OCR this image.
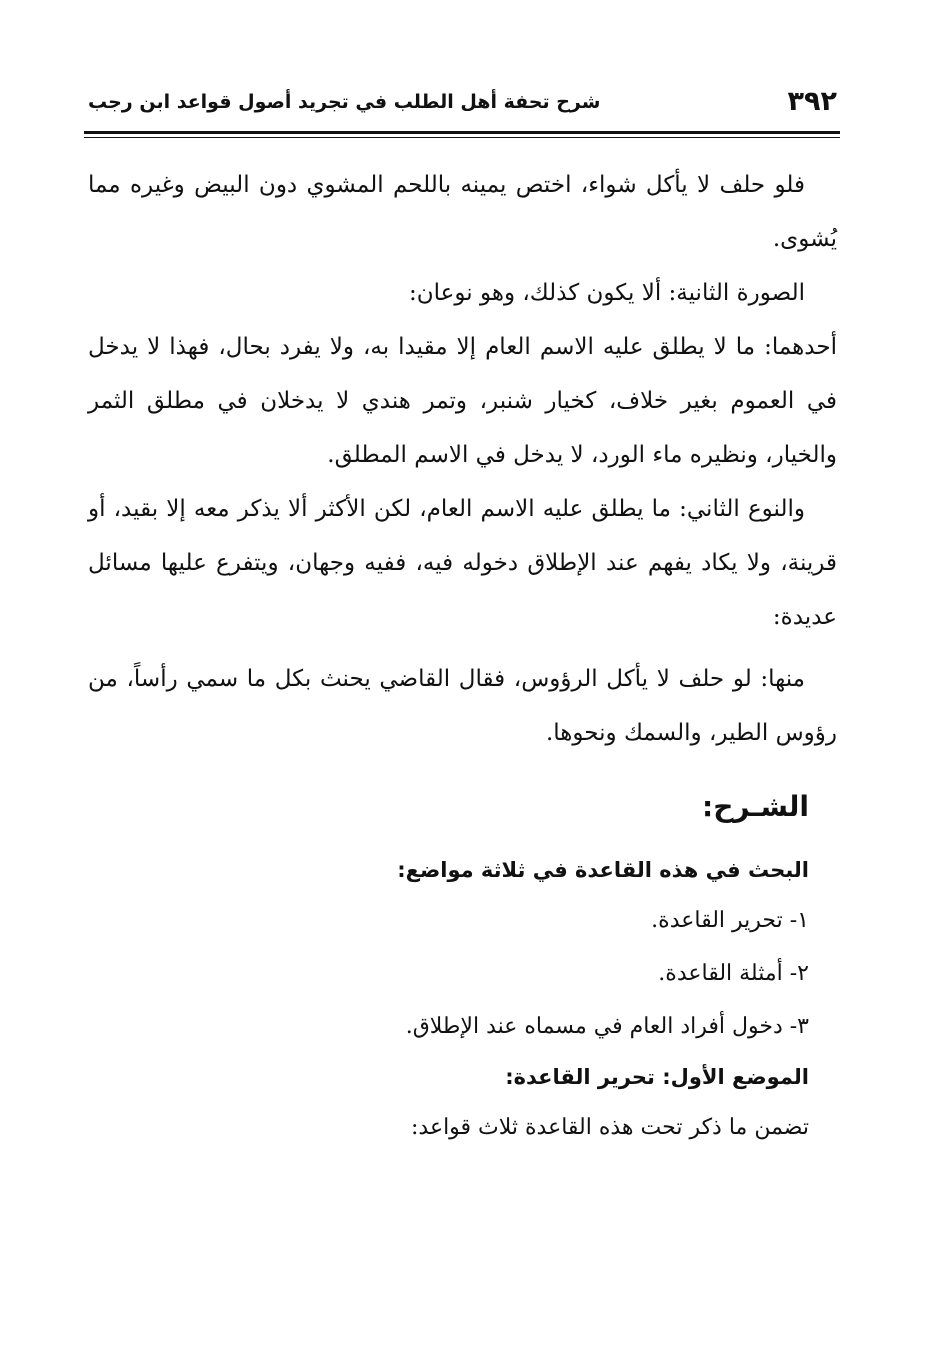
٣٩٢
شرح تحفة أهل الطلب في تجريد أصول قواعد ابن رجب

فلو حلف لا يأكل شواء، اختص يمينه باللحم المشوي دون البيض وغيره مما يُشوى.

الصورة الثانية: ألا يكون كذلك، وهو نوعان:

أحدهما: ما لا يطلق عليه الاسم العام إلا مقيدا به، ولا يفرد بحال، فهذا لا يدخل في العموم بغير خلاف، كخيار شنبر، وتمر هندي لا يدخلان في مطلق الثمر والخيار، ونظيره ماء الورد، لا يدخل في الاسم المطلق.

والنوع الثاني: ما يطلق عليه الاسم العام، لكن الأكثر ألا يذكر معه إلا بقيد، أو قرينة، ولا يكاد يفهم عند الإطلاق دخوله فيه، ففيه وجهان، ويتفرع عليها مسائل عديدة:

منها: لو حلف لا يأكل الرؤوس، فقال القاضي يحنث بكل ما سمي رأساً، من رؤوس الطير، والسمك ونحوها.

الشـرح:

البحث في هذه القاعدة في ثلاثة مواضع:

١- تحرير القاعدة.
٢- أمثلة القاعدة.
٣- دخول أفراد العام في مسماه عند الإطلاق.

الموضع الأول: تحرير القاعدة:

تضمن ما ذكر تحت هذه القاعدة ثلاث قواعد:
